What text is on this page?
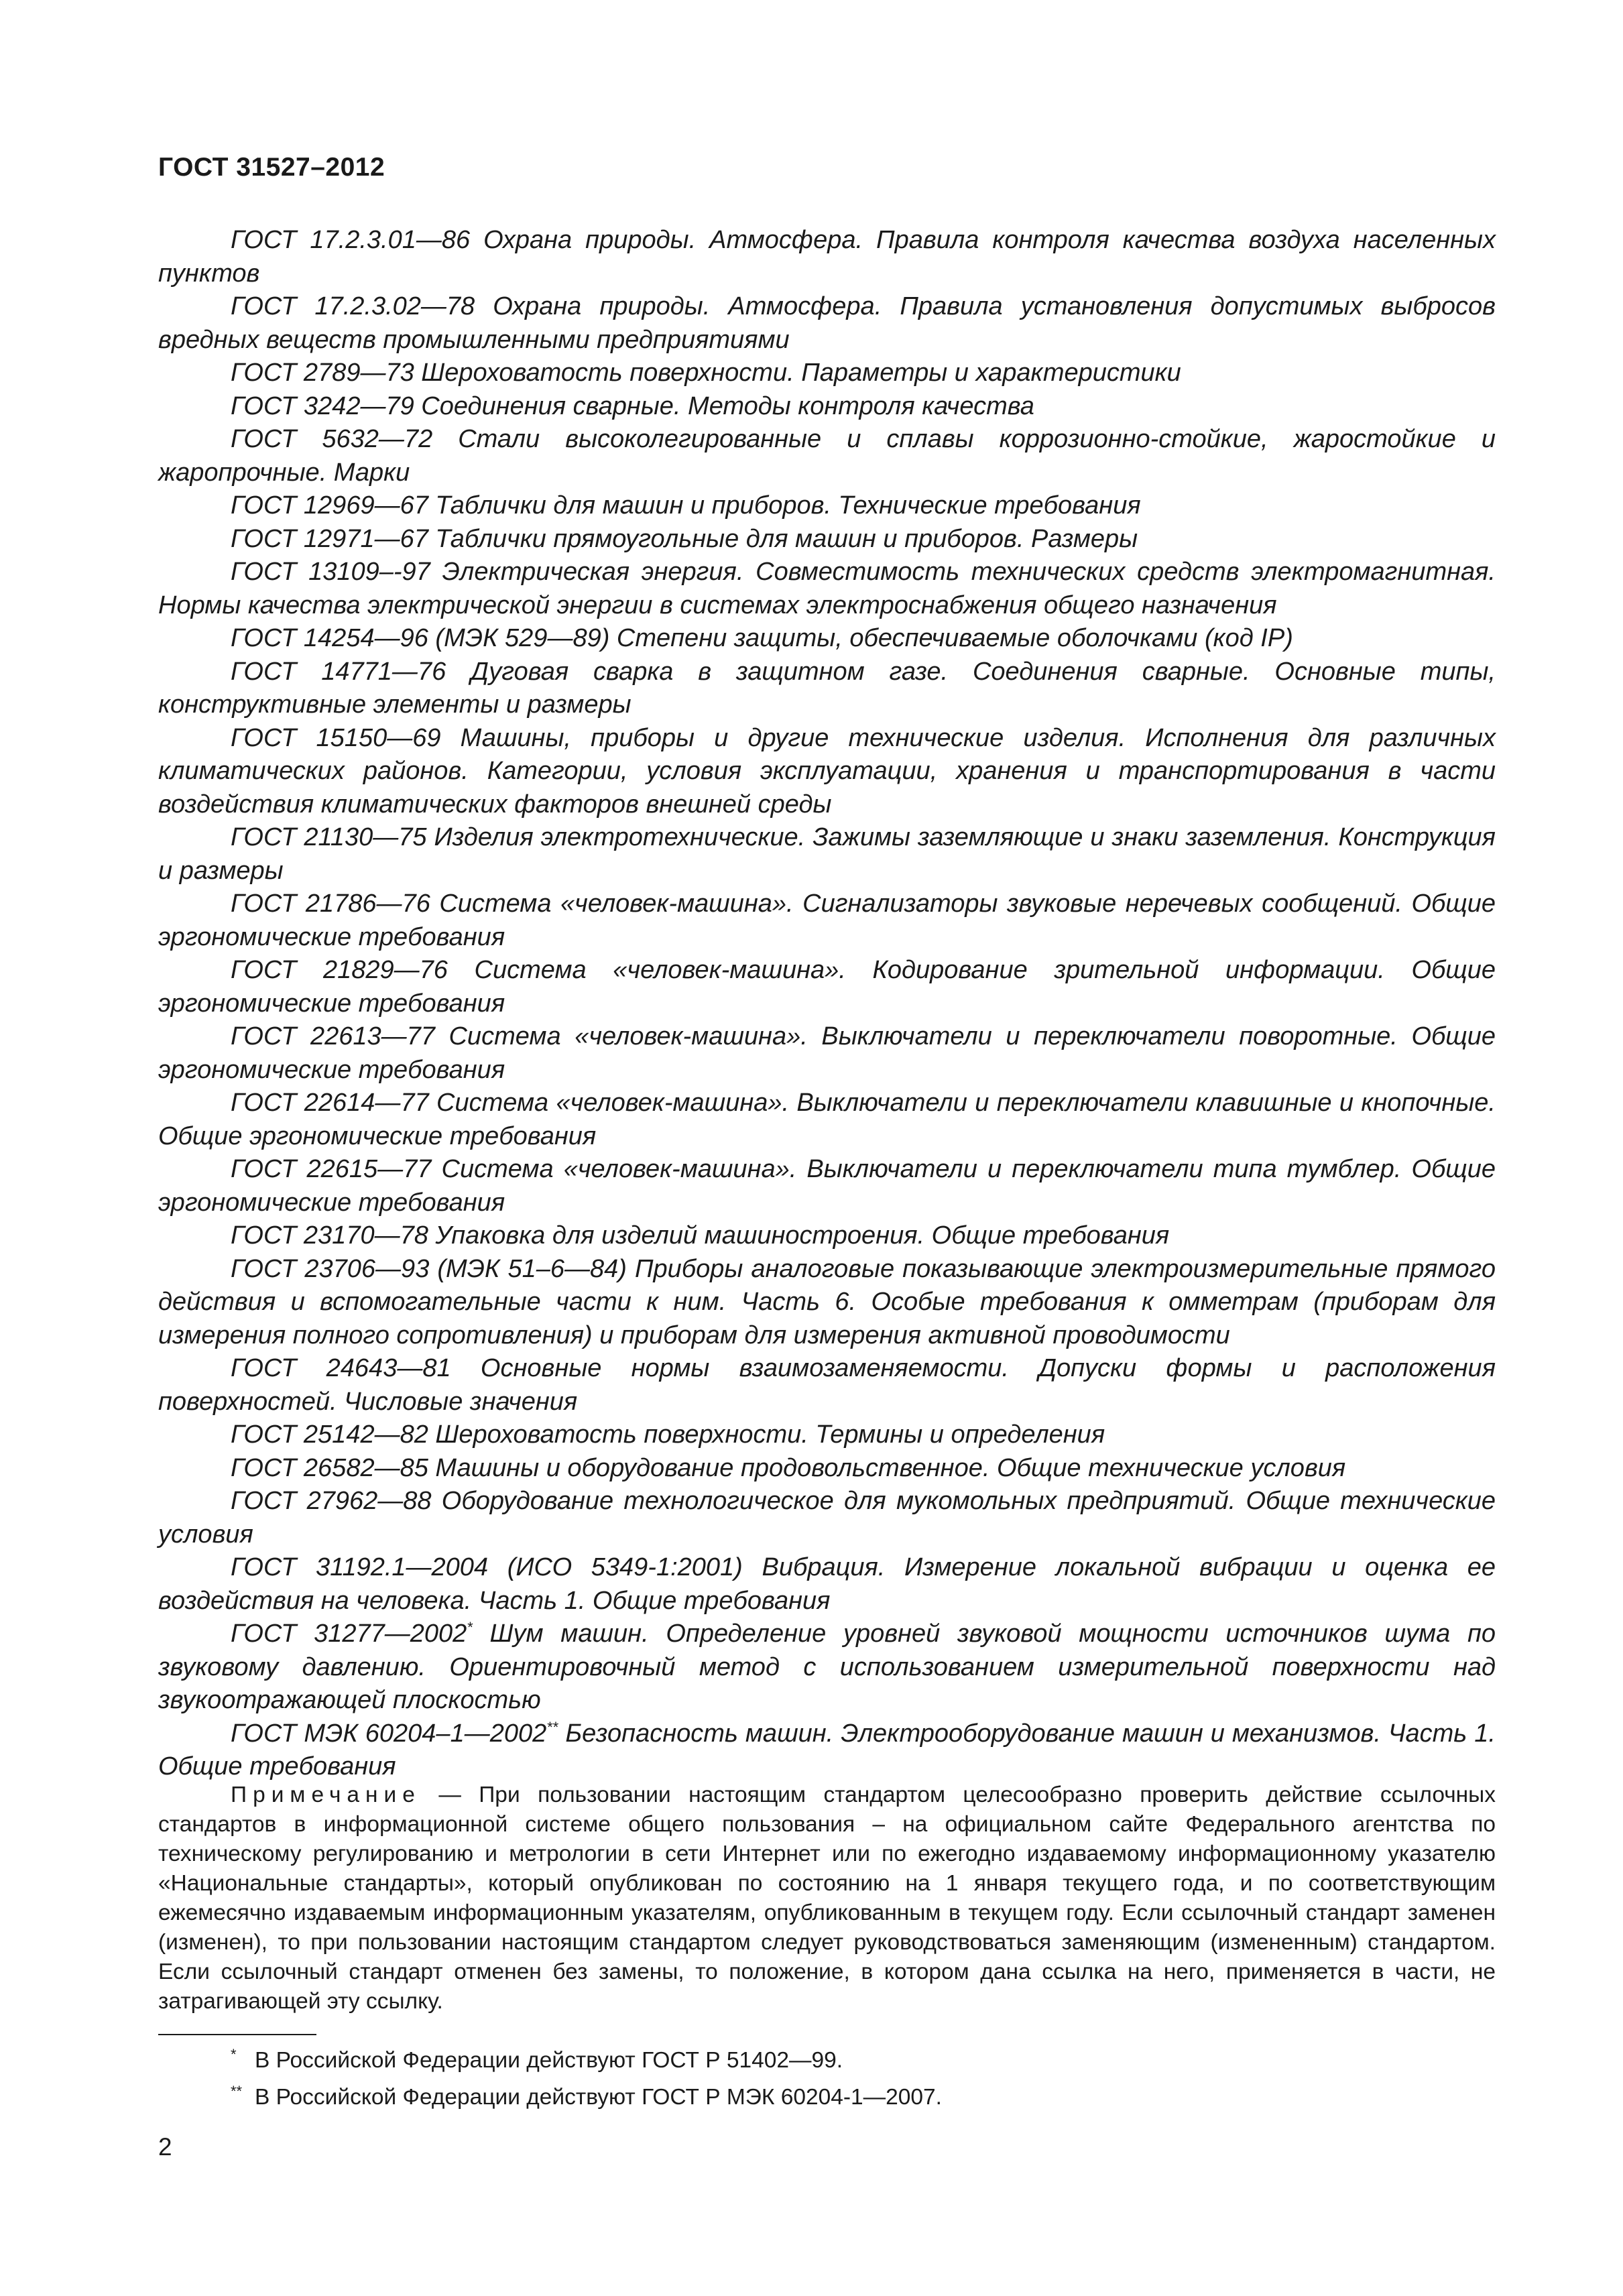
ГОСТ 31527–2012
ГОСТ 17.2.3.01—86 Охрана природы. Атмосфера. Правила контроля качества воздуха населенных пунктов
ГОСТ 17.2.3.02—78 Охрана природы. Атмосфера. Правила установления допустимых выбросов вредных веществ промышленными предприятиями
ГОСТ 2789—73 Шероховатость поверхности. Параметры и характеристики
ГОСТ 3242—79 Соединения сварные. Методы контроля качества
ГОСТ 5632—72 Стали высоколегированные и сплавы коррозионно-стойкие, жаростойкие и жаропрочные. Марки
ГОСТ 12969—67 Таблички для машин и приборов. Технические требования
ГОСТ 12971—67 Таблички прямоугольные для машин и приборов. Размеры
ГОСТ 13109–-97 Электрическая энергия. Совместимость технических средств электромагнитная. Нормы качества электрической энергии в системах электроснабжения общего назначения
ГОСТ 14254—96 (МЭК 529—89) Степени защиты, обеспечиваемые оболочками (код IP)
ГОСТ 14771—76 Дуговая сварка в защитном газе. Соединения сварные. Основные типы, конструктивные элементы и размеры
ГОСТ 15150—69 Машины, приборы и другие технические изделия. Исполнения для различных климатических районов. Категории, условия эксплуатации, хранения и транспортирования в части воздействия климатических факторов внешней среды
ГОСТ 21130—75 Изделия электротехнические. Зажимы заземляющие и знаки заземления. Конструкция и размеры
ГОСТ 21786—76 Система «человек-машина». Сигнализаторы звуковые неречевых сообщений. Общие эргономические требования
ГОСТ 21829—76 Система «человек-машина». Кодирование зрительной информации. Общие эргономические требования
ГОСТ 22613—77 Система «человек-машина». Выключатели и переключатели поворотные. Общие эргономические требования
ГОСТ 22614—77 Система «человек-машина». Выключатели и переключатели клавишные и кнопочные. Общие эргономические требования
ГОСТ 22615—77 Система «человек-машина». Выключатели и переключатели типа тумблер. Общие эргономические требования
ГОСТ 23170—78 Упаковка для изделий машиностроения. Общие требования
ГОСТ 23706—93 (МЭК 51–6—84) Приборы аналоговые показывающие электроизмерительные прямого действия и вспомогательные части к ним. Часть 6. Особые требования к омметрам (приборам для измерения полного сопротивления) и приборам для измерения активной проводимости
ГОСТ 24643—81 Основные нормы взаимозаменяемости. Допуски формы и расположения поверхностей. Числовые значения
ГОСТ 25142—82 Шероховатость поверхности. Термины и определения
ГОСТ 26582—85 Машины и оборудование продовольственное. Общие технические условия
ГОСТ 27962—88 Оборудование технологическое для мукомольных предприятий. Общие технические условия
ГОСТ 31192.1—2004 (ИСО 5349-1:2001) Вибрация. Измерение локальной вибрации и оценка ее воздействия на человека. Часть 1. Общие требования
ГОСТ 31277—2002* Шум машин. Определение уровней звуковой мощности источников шума по звуковому давлению. Ориентировочный метод с использованием измерительной поверхности над звукоотражающей плоскостью
ГОСТ МЭК 60204–1—2002** Безопасность машин. Электрооборудование машин и механизмов. Часть 1. Общие требования

Примечание — При пользовании настоящим стандартом целесообразно проверить действие ссылочных стандартов в информационной системе общего пользования – на официальном сайте Федерального агентства по техническому регулированию и метрологии в сети Интернет или по ежегодно издаваемому информационному указателю «Национальные стандарты», который опубликован по состоянию на 1 января текущего года, и по соответствующим ежемесячно издаваемым информационным указателям, опубликованным в текущем году. Если ссылочный стандарт заменен (изменен), то при пользовании настоящим стандартом следует руководствоваться заменяющим (измененным) стандартом. Если ссылочный стандарт отменен без замены, то положение, в котором дана ссылка на него, применяется в части, не затрагивающей эту ссылку.

* В Российской Федерации действуют ГОСТ Р 51402—99.
** В Российской Федерации действуют ГОСТ Р МЭК 60204-1—2007.
2
